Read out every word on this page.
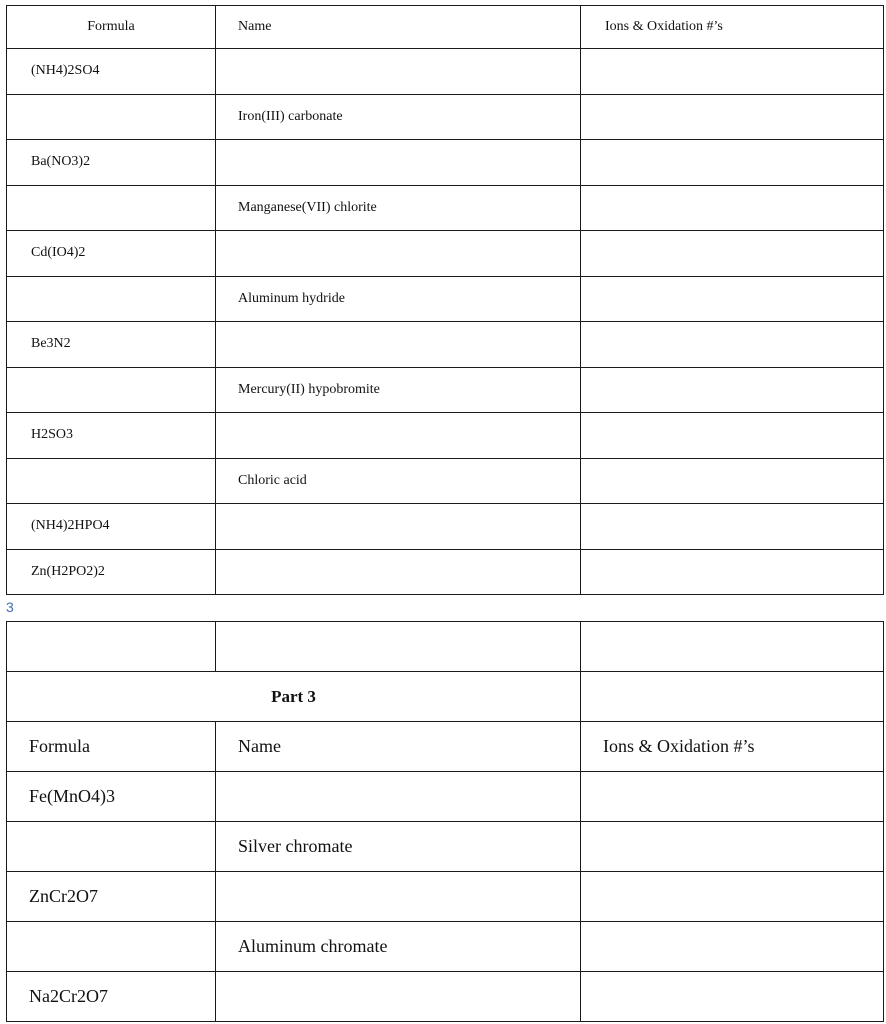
Formula	Name	Ions & Oxidation #’s
(NH4)2SO4		
	Iron(III) carbonate	
Ba(NO3)2		
	Manganese(VII) chlorite	
Cd(IO4)2		
	Aluminum hydride	
Be3N2		
	Mercury(II) hypobromite	
H2SO3		
	Chloric acid	
(NH4)2HPO4		
Zn(H2PO2)2		
3

Part 3		
Formula	Name	Ions & Oxidation #’s
Fe(MnO4)3		
	Silver chromate	
ZnCr2O7		
	Aluminum chromate	
Na2Cr2O7		
